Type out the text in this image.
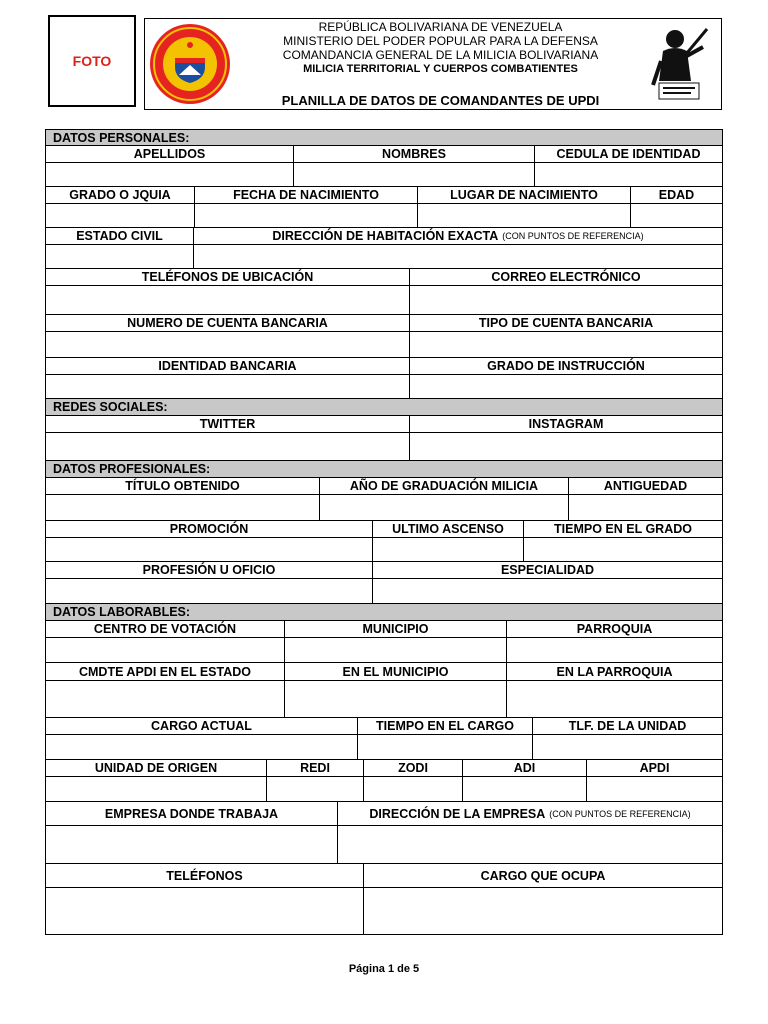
FOTO
REPÚBLICA BOLIVARIANA DE VENEZUELA
MINISTERIO DEL PODER POPULAR PARA LA DEFENSA
COMANDANCIA GENERAL DE LA MILICIA BOLIVARIANA
MILICIA TERRITORIAL Y CUERPOS COMBATIENTES
PLANILLA DE DATOS DE COMANDANTES DE UPDI
DATOS PERSONALES:
APELLIDOS	NOMBRES	CEDULA DE IDENTIDAD
GRADO O JQUIA	FECHA DE NACIMIENTO	LUGAR DE NACIMIENTO	EDAD
ESTADO CIVIL	DIRECCIÓN DE HABITACIÓN EXACTA (CON PUNTOS DE REFERENCIA)
TELÉFONOS DE UBICACIÓN	CORREO ELECTRÓNICO
NUMERO DE CUENTA BANCARIA	TIPO DE CUENTA BANCARIA
IDENTIDAD BANCARIA	GRADO DE INSTRUCCIÓN
REDES SOCIALES:
TWITTER	INSTAGRAM
DATOS PROFESIONALES:
TÍTULO OBTENIDO	AÑO DE GRADUACIÓN MILICIA	ANTIGUEDAD
PROMOCIÓN	ULTIMO ASCENSO	TIEMPO EN EL GRADO
PROFESIÓN U OFICIO	ESPECIALIDAD
DATOS LABORABLES:
CENTRO DE VOTACIÓN	MUNICIPIO	PARROQUIA
CMDTE APDI EN EL ESTADO	EN EL MUNICIPIO	EN LA PARROQUIA
CARGO ACTUAL	TIEMPO EN EL CARGO	TLF. DE LA UNIDAD
UNIDAD DE ORIGEN	REDI	ZODI	ADI	APDI
EMPRESA DONDE TRABAJA	DIRECCIÓN DE LA EMPRESA (CON PUNTOS DE REFERENCIA)
TELÉFONOS	CARGO QUE OCUPA
Página 1 de 5
